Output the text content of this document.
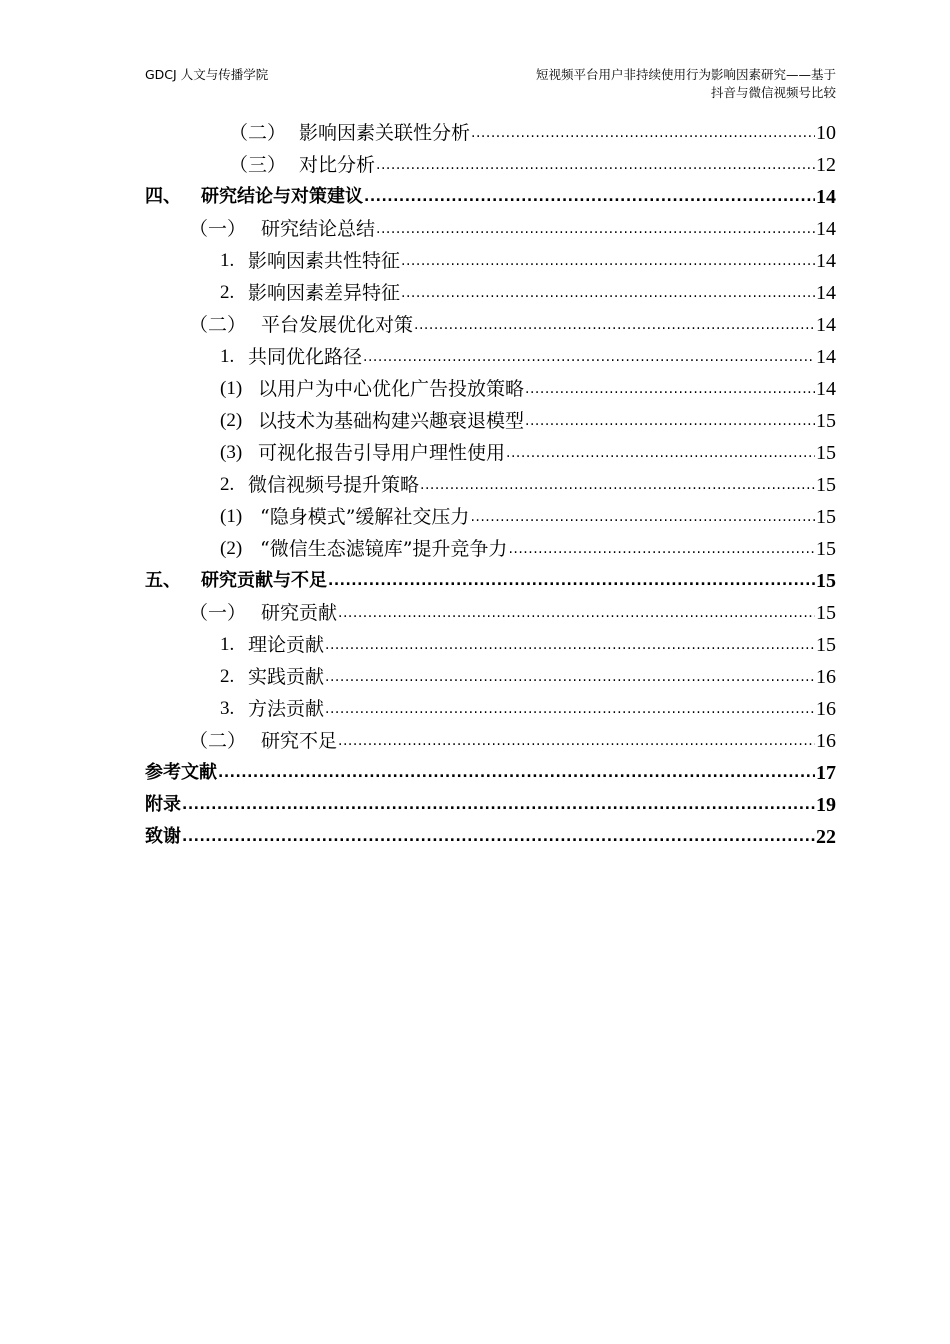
GDCJ 人文与传播学院	短视频平台用户非持续使用行为影响因素研究——基于
抖音与微信视频号比较
（二） 影响因素关联性分析 .....	10
（三） 对比分析 .....	12
四、	研究结论与对策建议 .....	14
（一） 研究结论总结 .....	14
1. 影响因素共性特征 .....	14
2. 影响因素差异特征 .....	14
（二） 平台发展优化对策 .....	14
1. 共同优化路径 .....	14
(1) 以用户为中心优化广告投放策略 .....	14
(2) 以技术为基础构建兴趣衰退模型 .....	15
(3) 可视化报告引导用户理性使用 .....	15
2. 微信视频号提升策略 .....	15
(1) “隐身模式”缓解社交压力 .....	15
(2) “微信生态滤镜库”提升竞争力 .....	15
五、	研究贡献与不足 .....	15
（一） 研究贡献 .....	15
1. 理论贡献 .....	15
2. 实践贡献 .....	16
3. 方法贡献 .....	16
（二） 研究不足 .....	16
参考文献 .....	17
附录 .....	19
致谢 .....	22
